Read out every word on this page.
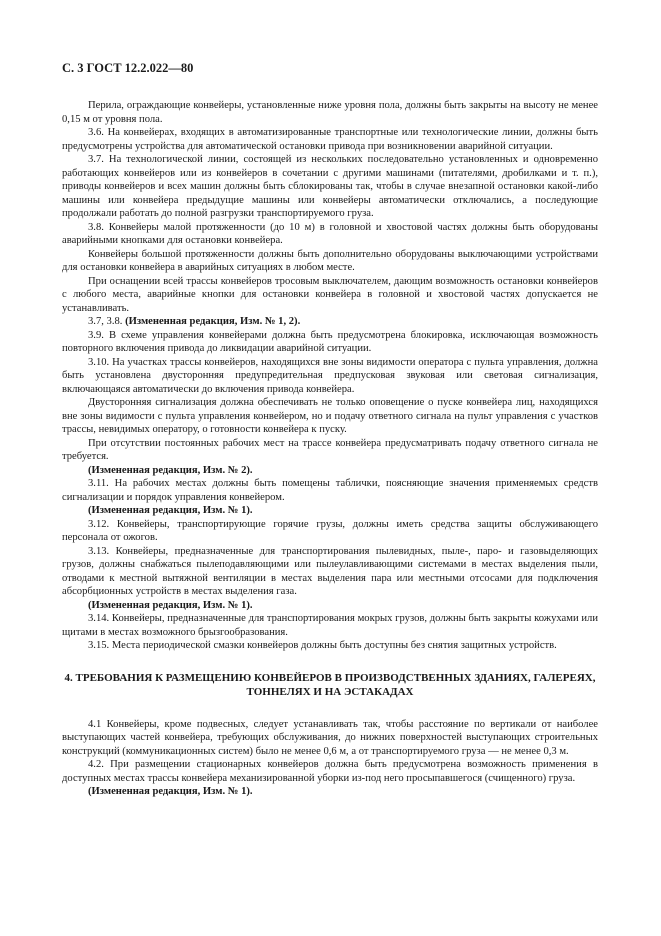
С. 3 ГОСТ 12.2.022—80

Перила, ограждающие конвейеры, установленные ниже уровня пола, должны быть закрыты на высоту не менее 0,15 м от уровня пола.

3.6. На конвейерах, входящих в автоматизированные транспортные или технологические линии, должны быть предусмотрены устройства для автоматической остановки привода при возникновении аварийной ситуации.

3.7. На технологической линии, состоящей из нескольких последовательно установленных и одновременно работающих конвейеров или из конвейеров в сочетании с другими машинами (питателями, дробилками и т. п.), приводы конвейеров и всех машин должны быть сблокированы так, чтобы в случае внезапной остановки какой-либо машины или конвейера предыдущие машины или конвейеры автоматически отключались, а последующие продолжали работать до полной разгрузки транспортируемого груза.

3.8. Конвейеры малой протяженности (до 10 м) в головной и хвостовой частях должны быть оборудованы аварийными кнопками для остановки конвейера.

Конвейеры большой протяженности должны быть дополнительно оборудованы выключающими устройствами для остановки конвейера в аварийных ситуациях в любом месте.

При оснащении всей трассы конвейеров тросовым выключателем, дающим возможность остановки конвейеров с любого места, аварийные кнопки для остановки конвейера в головной и хвостовой частях допускается не устанавливать.

3.7, 3.8. (Измененная редакция, Изм. № 1, 2).

3.9. В схеме управления конвейерами должна быть предусмотрена блокировка, исключающая возможность повторного включения привода до ликвидации аварийной ситуации.

3.10. На участках трассы конвейеров, находящихся вне зоны видимости оператора с пульта управления, должна быть установлена двусторонняя предупредительная предпусковая звуковая или световая сигнализация, включающаяся автоматически до включения привода конвейера.

Двусторонняя сигнализация должна обеспечивать не только оповещение о пуске конвейера лиц, находящихся вне зоны видимости с пульта управления конвейером, но и подачу ответного сигнала на пульт управления с участков трассы, невидимых оператору, о готовности конвейера к пуску.

При отсутствии постоянных рабочих мест на трассе конвейера предусматривать подачу ответного сигнала не требуется.

(Измененная редакция, Изм. № 2).

3.11. На рабочих местах должны быть помещены таблички, поясняющие значения применяемых средств сигнализации и порядок управления конвейером.

(Измененная редакция, Изм. № 1).

3.12. Конвейеры, транспортирующие горячие грузы, должны иметь средства защиты обслуживающего персонала от ожогов.

3.13. Конвейеры, предназначенные для транспортирования пылевидных, пыле-, паро- и газовыделяющих грузов, должны снабжаться пылеподавляющими или пылеулавливающими системами в местах выделения пыли, отводами к местной вытяжной вентиляции в местах выделения пара или местными отсосами для подключения абсорбционных устройств в местах выделения газа.

(Измененная редакция, Изм. № 1).

3.14. Конвейеры, предназначенные для транспортирования мокрых грузов, должны быть закрыты кожухами или щитами в местах возможного брызгообразования.

3.15. Места периодической смазки конвейеров должны быть доступны без снятия защитных устройств.

4. ТРЕБОВАНИЯ К РАЗМЕЩЕНИЮ КОНВЕЙЕРОВ В ПРОИЗВОДСТВЕННЫХ ЗДАНИЯХ, ГАЛЕРЕЯХ, ТОННЕЛЯХ И НА ЭСТАКАДАХ

4.1 Конвейеры, кроме подвесных, следует устанавливать так, чтобы расстояние по вертикали от наиболее выступающих частей конвейера, требующих обслуживания, до нижних поверхностей выступающих строительных конструкций (коммуникационных систем) было не менее 0,6 м, а от транспортируемого груза — не менее 0,3 м.

4.2. При размещении стационарных конвейеров должна быть предусмотрена возможность применения в доступных местах трассы конвейера механизированной уборки из-под него просыпавшегося (счищенного) груза.

(Измененная редакция, Изм. № 1).
